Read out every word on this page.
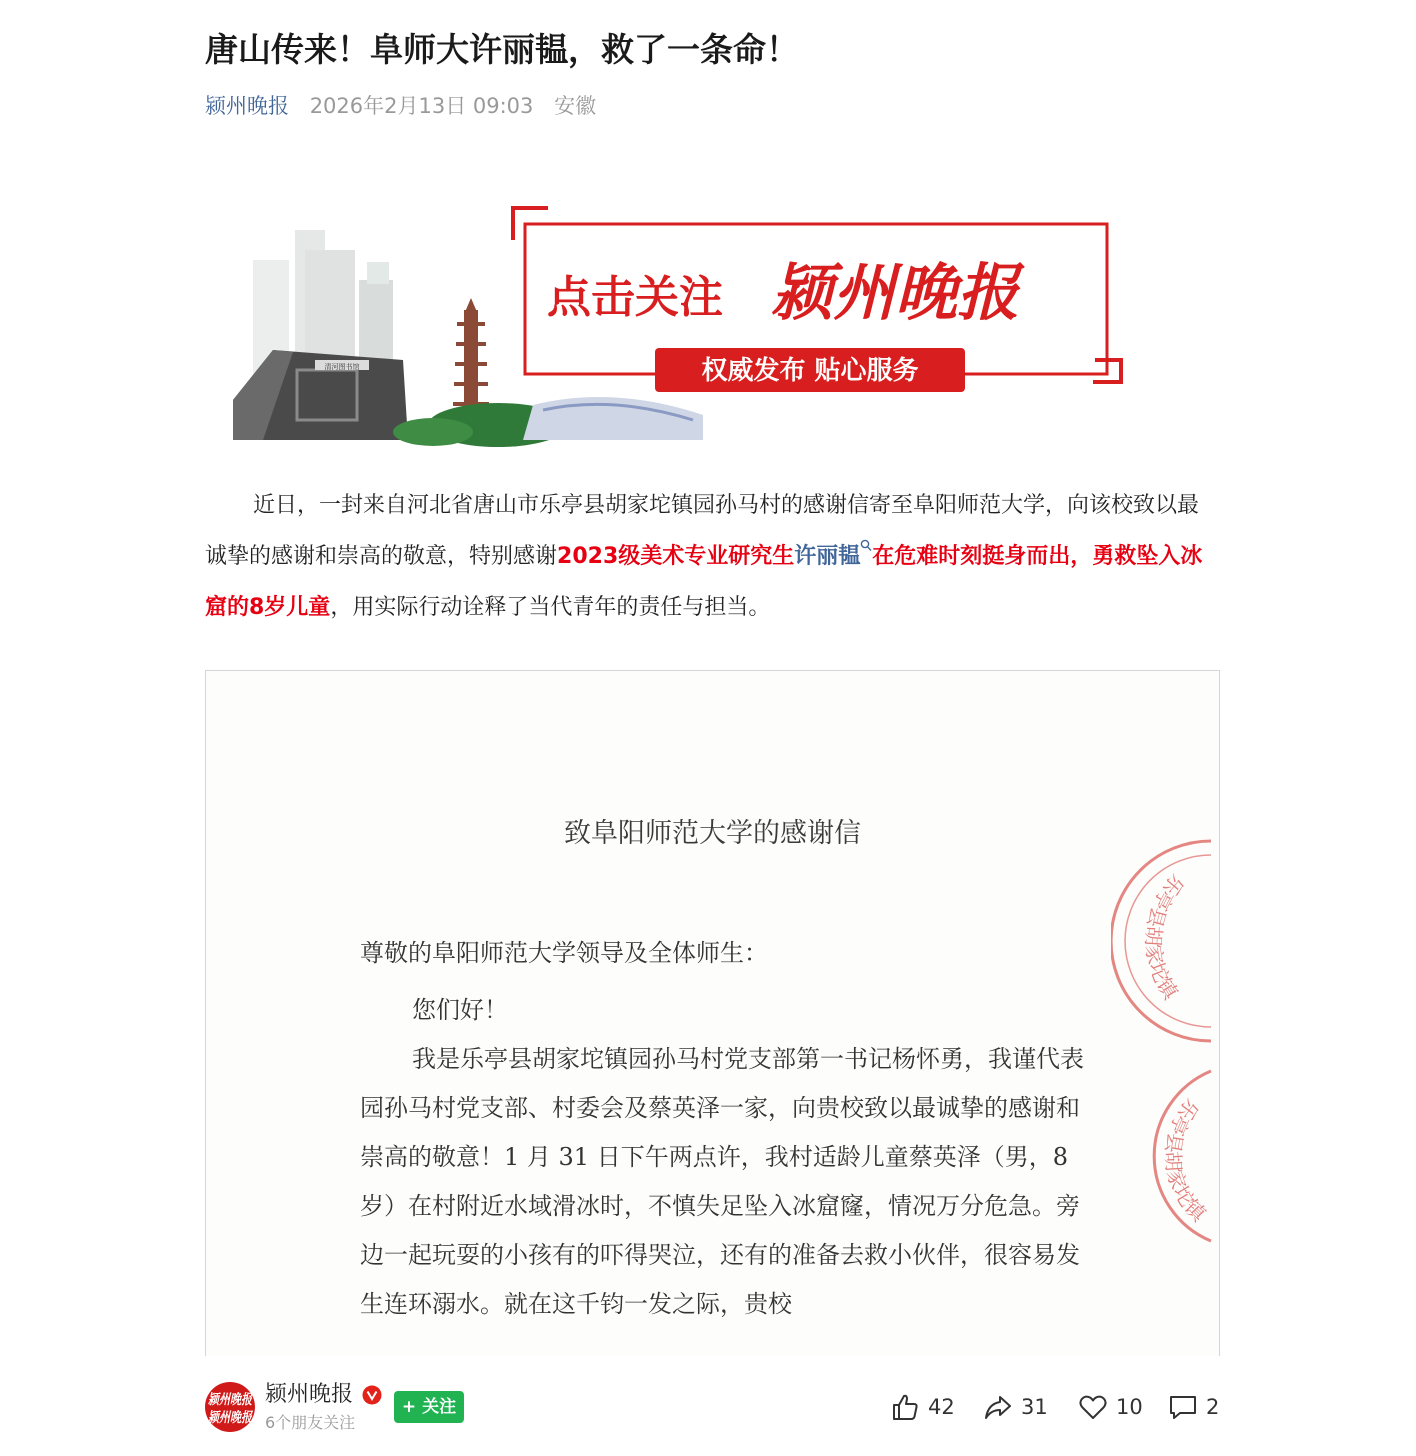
唐山传来！阜师大许丽韫，救了一条命！
颍州晚报 2026年2月13日 09:03 安徽
清河图书馆
点击关注 颍州晚报
权威发布 贴心服务

近日，一封来自河北省唐山市乐亭县胡家坨镇园孙马村的感谢信寄至阜阳师范大学，向该校致以最诚挚的感谢和崇高的敬意，特别感谢2023级美术专业研究生许丽韫 在危难时刻挺身而出，勇救坠入冰窟的8岁儿童，用实际行动诠释了当代青年的责任与担当。

致阜阳师范大学的感谢信

尊敬的阜阳师范大学领导及全体师生：

您们好！

我是乐亭县胡家坨镇园孙马村党支部第一书记杨怀勇，我谨代表园孙马村党支部、村委会及蔡英泽一家，向贵校致以最诚挚的感谢和崇高的敬意！1 月 31 日下午两点许，我村适龄儿童蔡英泽（男，8 岁）在村附近水域滑冰时，不慎失足坠入冰窟窿，情况万分危急。旁边一起玩耍的小孩有的吓得哭泣，还有的准备去救小伙伴，很容易发生连环溺水。就在这千钧一发之际，贵校

乐亭县胡家坨镇
乐亭县胡家坨镇
颍州晚报
颍州晚报
颍州晚报
6个朋友关注
+ 关注	42	31	10	2
